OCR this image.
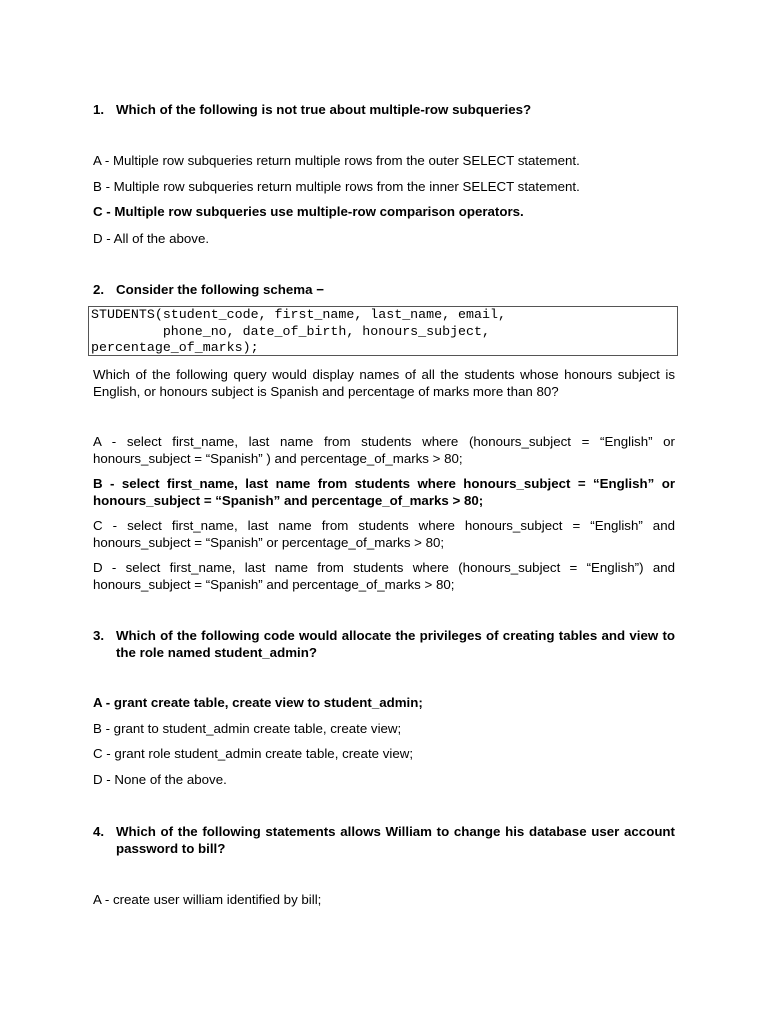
1. Which of the following is not true about multiple-row subqueries?
A - Multiple row subqueries return multiple rows from the outer SELECT statement.
B - Multiple row subqueries return multiple rows from the inner SELECT statement.
C - Multiple row subqueries use multiple-row comparison operators.
D - All of the above.
2. Consider the following schema −
STUDENTS(student_code, first_name, last_name, email,
phone_no, date_of_birth, honours_subject,
percentage_of_marks);
Which of the following query would display names of all the students whose honours subject is English, or honours subject is Spanish and percentage of marks more than 80?
A - select first_name, last name from students where (honours_subject = “English” or honours_subject = “Spanish” ) and percentage_of_marks > 80;
B - select first_name, last name from students where honours_subject = “English” or honours_subject = “Spanish” and percentage_of_marks > 80;
C - select first_name, last name from students where honours_subject = “English” and honours_subject = “Spanish” or percentage_of_marks > 80;
D - select first_name, last name from students where (honours_subject = “English”) and honours_subject = “Spanish” and percentage_of_marks > 80;
3. Which of the following code would allocate the privileges of creating tables and view to the role named student_admin?
A - grant create table, create view to student_admin;
B - grant to student_admin create table, create view;
C - grant role student_admin create table, create view;
D - None of the above.
4. Which of the following statements allows William to change his database user account password to bill?
A - create user william identified by bill;
